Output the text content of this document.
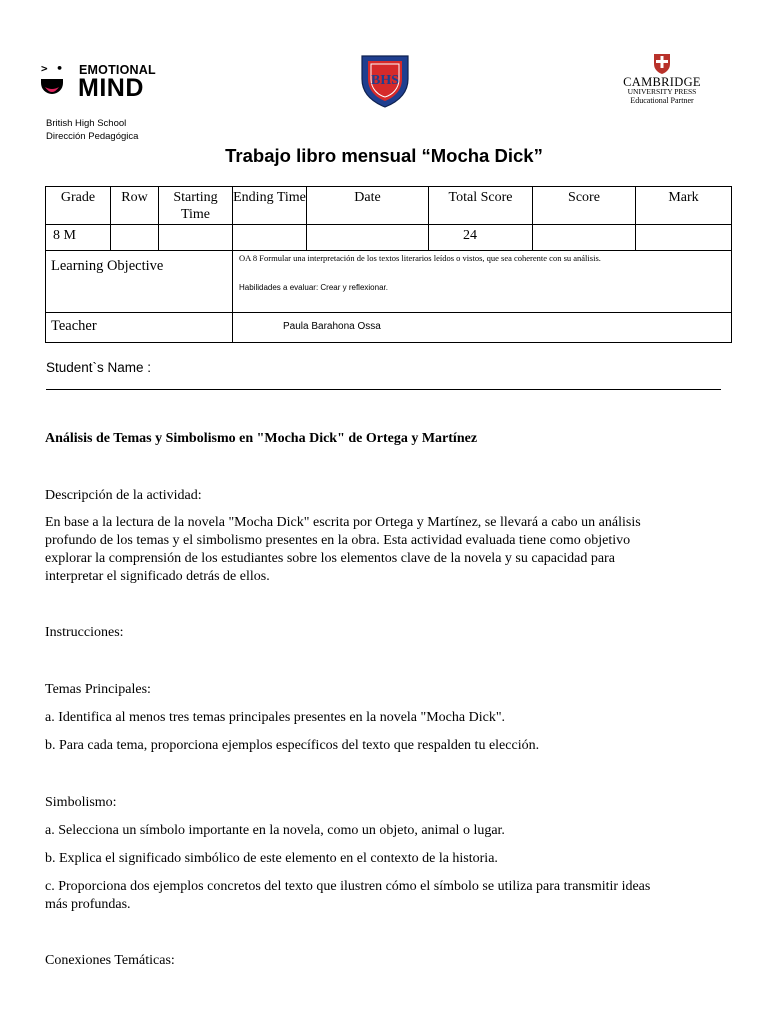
> • EMOTIONAL
MIND	BHS	CAMBRIDGE
UNIVERSITY PRESS
Educational Partner
British High School
Dirección Pedagógica
Trabajo libro mensual “Mocha Dick”
Grade	Row	Starting Time	Ending Time	Date	Total Score	Score	Mark
8 M					24		
Learning Objective			OA 8 Formular una interpretación de los textos literarios leídos o vistos, que sea coherente con su análisis.
Habilidades a evaluar: Crear y reflexionar.				

Teacher			Paula Barahona Ossa				
Student`s Name :
Análisis de Temas y Simbolismo en "Mocha Dick" de Ortega y Martínez
Descripción de la actividad:
En base a la lectura de la novela "Mocha Dick" escrita por Ortega y Martínez, se llevará a cabo un análisis
profundo de los temas y el simbolismo presentes en la obra. Esta actividad evaluada tiene como objetivo
explorar la comprensión de los estudiantes sobre los elementos clave de la novela y su capacidad para
interpretar el significado detrás de ellos.
Instrucciones:
Temas Principales:
a. Identifica al menos tres temas principales presentes en la novela "Mocha Dick".
b. Para cada tema, proporciona ejemplos específicos del texto que respalden tu elección.
Simbolismo:
a. Selecciona un símbolo importante en la novela, como un objeto, animal o lugar.
b. Explica el significado simbólico de este elemento en el contexto de la historia.
c. Proporciona dos ejemplos concretos del texto que ilustren cómo el símbolo se utiliza para transmitir ideas
más profundas.
Conexiones Temáticas:
